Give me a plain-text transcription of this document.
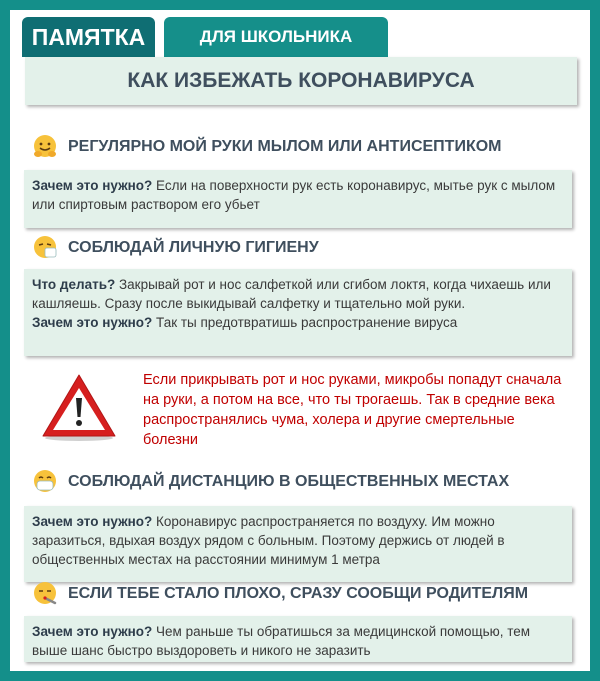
ПАМЯТКА	ДЛЯ ШКОЛЬНИКА
КАК ИЗБЕЖАТЬ КОРОНАВИРУСА
РЕГУЛЯРНО МОЙ РУКИ МЫЛОМ ИЛИ АНТИСЕПТИКОМ

Зачем это нужно? Если на поверхности рук есть коронавирус, мытье рук с мылом или спиртовым раствором его убьет

СОБЛЮДАЙ ЛИЧНУЮ ГИГИЕНУ

Что делать? Закрывай рот и нос салфеткой или сгибом локтя, когда чихаешь или кашляешь. Сразу после выкидывай салфетку и тщательно мой руки.

Зачем это нужно? Так ты предотвратишь распространение вируса

Если прикрывать рот и нос руками, микробы попадут сначала на руки, а потом на все, что ты трогаешь. Так в средние века распространялись чума, холера и другие смертельные болезни
СОБЛЮДАЙ ДИСТАНЦИЮ В ОБЩЕСТВЕННЫХ МЕСТАХ

Зачем это нужно? Коронавирус распространяется по воздуху. Им можно заразиться, вдыхая воздух рядом с больным. Поэтому держись от людей в общественных местах на расстоянии минимум 1 метра

ЕСЛИ ТЕБЕ СТАЛО ПЛОХО, СРАЗУ СООБЩИ РОДИТЕЛЯМ

Зачем это нужно? Чем раньше ты обратишься за медицинской помощью, тем выше шанс быстро выздороветь и никого не заразить
